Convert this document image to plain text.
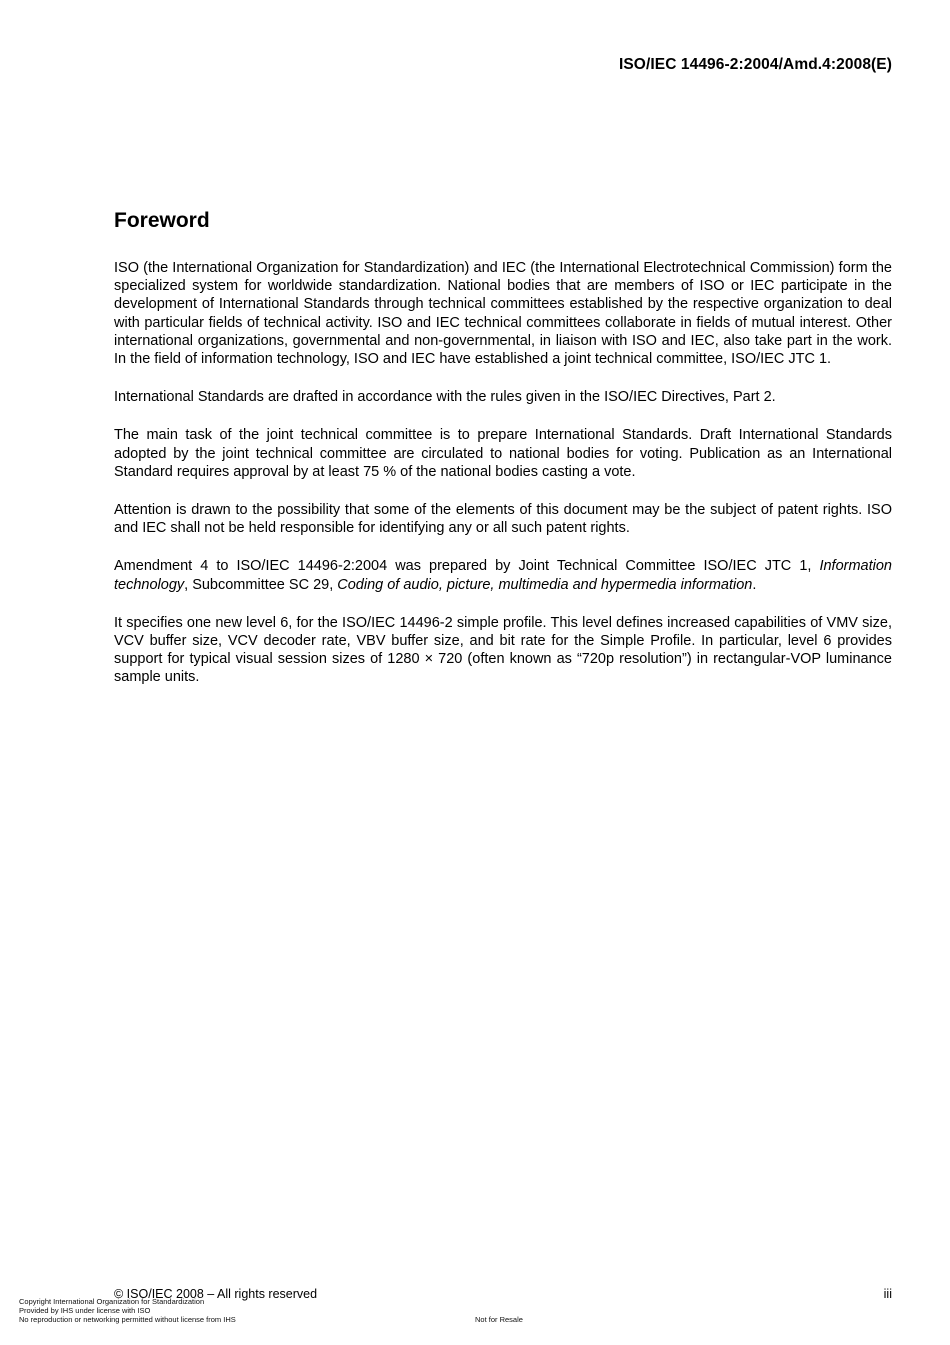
ISO/IEC 14496-2:2004/Amd.4:2008(E)
Foreword

ISO (the International Organization for Standardization) and IEC (the International Electrotechnical Commission) form the specialized system for worldwide standardization. National bodies that are members of ISO or IEC participate in the development of International Standards through technical committees established by the respective organization to deal with particular fields of technical activity. ISO and IEC technical committees collaborate in fields of mutual interest. Other international organizations, governmental and non-governmental, in liaison with ISO and IEC, also take part in the work. In the field of information technology, ISO and IEC have established a joint technical committee, ISO/IEC JTC 1.

International Standards are drafted in accordance with the rules given in the ISO/IEC Directives, Part 2.

The main task of the joint technical committee is to prepare International Standards. Draft International Standards adopted by the joint technical committee are circulated to national bodies for voting. Publication as an International Standard requires approval by at least 75 % of the national bodies casting a vote.

Attention is drawn to the possibility that some of the elements of this document may be the subject of patent rights. ISO and IEC shall not be held responsible for identifying any or all such patent rights.

Amendment 4 to ISO/IEC 14496-2:2004 was prepared by Joint Technical Committee ISO/IEC JTC 1, Information technology, Subcommittee SC 29, Coding of audio, picture, multimedia and hypermedia information.

It specifies one new level 6, for the ISO/IEC 14496-2 simple profile. This level defines increased capabilities of VMV size, VCV buffer size, VCV decoder rate, VBV buffer size, and bit rate for the Simple Profile. In particular, level 6 provides support for typical visual session sizes of 1280 × 720 (often known as “720p resolution”) in rectangular-VOP luminance sample units.

© ISO/IEC 2008 – All rights reserved	iii
Copyright International Organization for Standardization
Provided by IHS under license with ISO
No reproduction or networking permitted without license from IHS	Not for Resale
